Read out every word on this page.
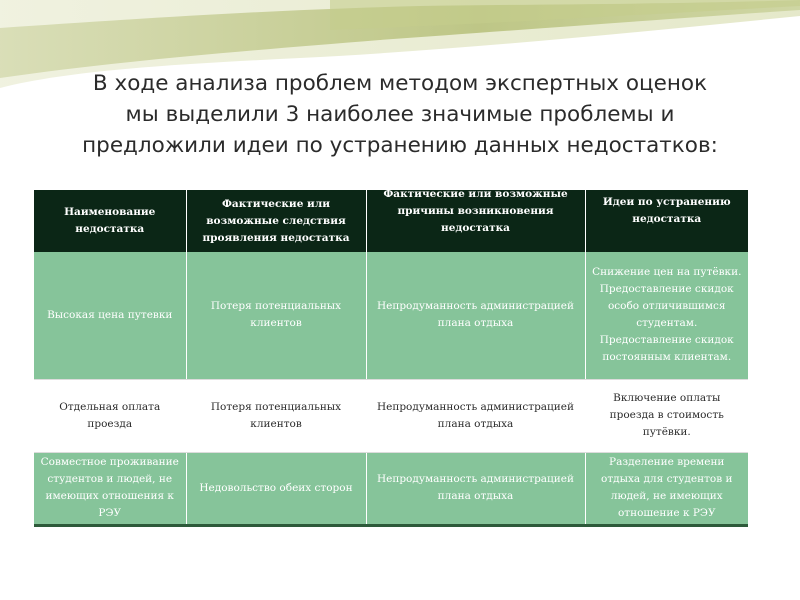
В ходе анализа проблем методом экспертных оценок
мы выделили 3 наиболее значимые проблемы и
предложили идеи по устранению данных недостатков:
Наименование недостатка	Фактические или возможные следствия проявления недостатка	Фактические или возможные причины возникновения недостатка	Идеи по устранению недостатка

Высокая цена путевки	Потеря потенциальных клиентов	Непродуманность администрацией плана отдыха	Снижение цен на путёвки. Предоставление скидок особо отличившимся студентам. Предоставление скидок постоянным клиентам.
Отдельная оплата проезда	Потеря потенциальных клиентов	Непродуманность администрацией плана отдыха	Включение оплаты проезда в стоимость путёвки.
Совместное проживание студентов и людей, не имеющих отношения к РЭУ	Недовольство обеих сторон	Непродуманность администрацией плана отдыха	Разделение времени отдыха для студентов и людей, не имеющих отношение к РЭУ
